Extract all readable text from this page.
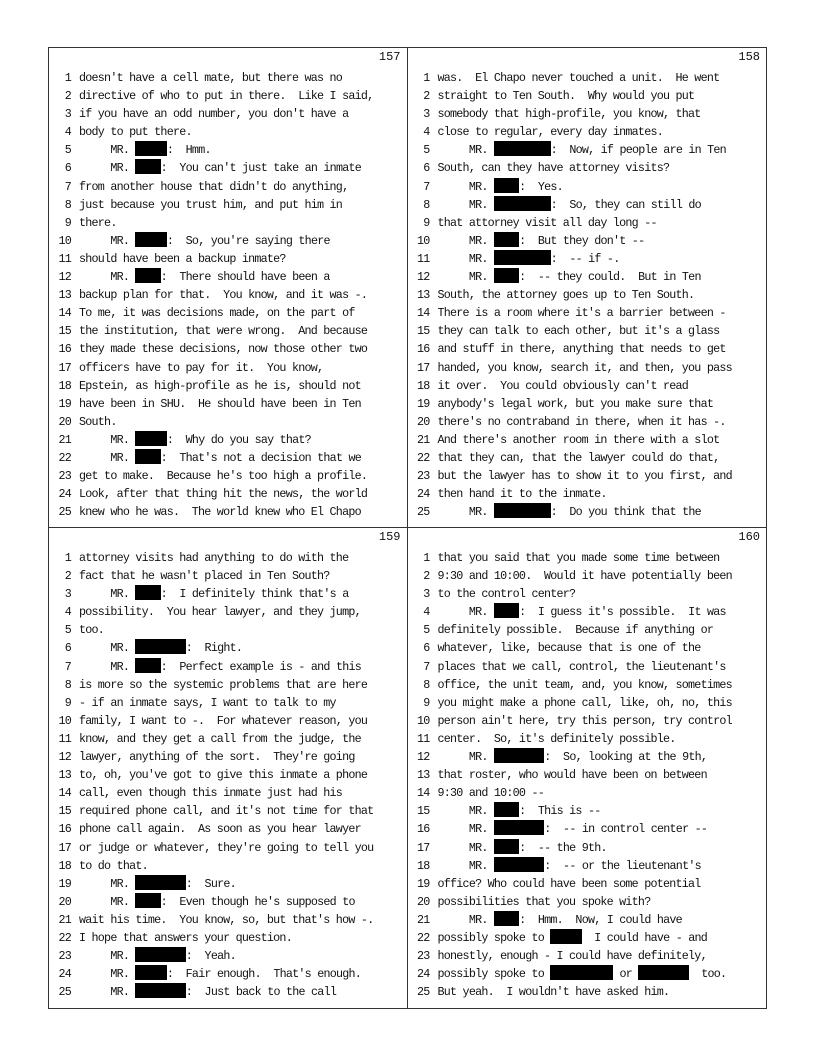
157
1 doesn't have a cell mate, but there was no
2 directive of who to put in there.  Like I said,
3 if you have an odd number, you don't have a
4 body to put there.
5 MR.	:  Hmm.
6 MR. :  You can't just take an inmate
7 from another house that didn't do anything,
8 just because you trust him, and put him in
9 there.
10 MR.	:  So, you're saying there
11 should have been a backup inmate?
12 MR. :  There should have been a
13 backup plan for that.  You know, and it was -.
14 To me, it was decisions made, on the part of
15 the institution, that were wrong.  And because
16 they made these decisions, now those other two
17 officers have to pay for it.  You know,
18 Epstein, as high-profile as he is, should not
19 have been in SHU.  He should have been in Ten
20 South.
21 MR.	:  Why do you say that?
22 MR. :  That's not a decision that we
23 get to make.  Because he's too high a profile.
24 Look, after that thing hit the news, the world
25 knew who he was.  The world knew who El Chapo
158
1 was.  El Chapo never touched a unit.  He went
2 straight to Ten South.  Why would you put
3 somebody that high-profile, you know, that
4 close to regular, every day inmates.
5 MR.	:  Now, if people are in Ten
6 South, can they have attorney visits?
7 MR. :  Yes.
8 MR.	:  So, they can still do
9 that attorney visit all day long --
10 MR. :  But they don't --
11 MR.	:  -- if -.
12 MR. :  -- they could.  But in Ten
13 South, the attorney goes up to Ten South.
14 There is a room where it's a barrier between -
15 they can talk to each other, but it's a glass
16 and stuff in there, anything that needs to get
17 handed, you know, search it, and then, you pass
18 it over.  You could obviously can't read
19 anybody's legal work, but you make sure that
20 there's no contraband in there, when it has -.
21 And there's another room in there with a slot
22 that they can, that the lawyer could do that,
23 but the lawyer has to show it to you first, and
24 then hand it to the inmate.
25 MR.	:  Do you think that the
159
1 attorney visits had anything to do with the
2 fact that he wasn't placed in Ten South?
3 MR. :  I definitely think that's a
4 possibility.  You hear lawyer, and they jump,
5 too.
6 MR.	:  Right.
7 MR. :  Perfect example is - and this
8 is more so the systemic problems that are here
9 - if an inmate says, I want to talk to my
10 family, I want to -.  For whatever reason, you
11 know, and they get a call from the judge, the
12 lawyer, anything of the sort.  They're going
13 to, oh, you've got to give this inmate a phone
14 call, even though this inmate just had his
15 required phone call, and it's not time for that
16 phone call again.  As soon as you hear lawyer
17 or judge or whatever, they're going to tell you
18 to do that.
19 MR.	:  Sure.
20 MR. :  Even though he's supposed to
21 wait his time.  You know, so, but that's how -.
22 I hope that answers your question.
23 MR.	:  Yeah.
24 MR.	:  Fair enough.  That's enough.
25 MR.	:  Just back to the call
160
1 that you said that you made some time between
2 9:30 and 10:00.  Would it have potentially been
3 to the control center?
4 MR. :  I guess it's possible.  It was
5 definitely possible.  Because if anything or
6 whatever, like, because that is one of the
7 places that we call, control, the lieutenant's
8 office, the unit team, and, you know, sometimes
9 you might make a phone call, like, oh, no, this
10 person ain't here, try this person, try control
11 center.  So, it's definitely possible.
12 MR.	:  So, looking at the 9th,
13 that roster, who would have been on between
14 9:30 and 10:00 --
15 MR. :  This is --
16 MR.	:  -- in control center --
17 MR. :  -- the 9th.
18 MR.	:  -- or the lieutenant's
19 office? Who could have been some potential
20 possibilities that you spoke with?
21 MR. :  Hmm.  Now, I could have
22 possibly spoke to	I could have - and
23 honestly, enough - I could have definitely,
24 possibly spoke to	or	too.
25 But yeah.  I wouldn't have asked him.
